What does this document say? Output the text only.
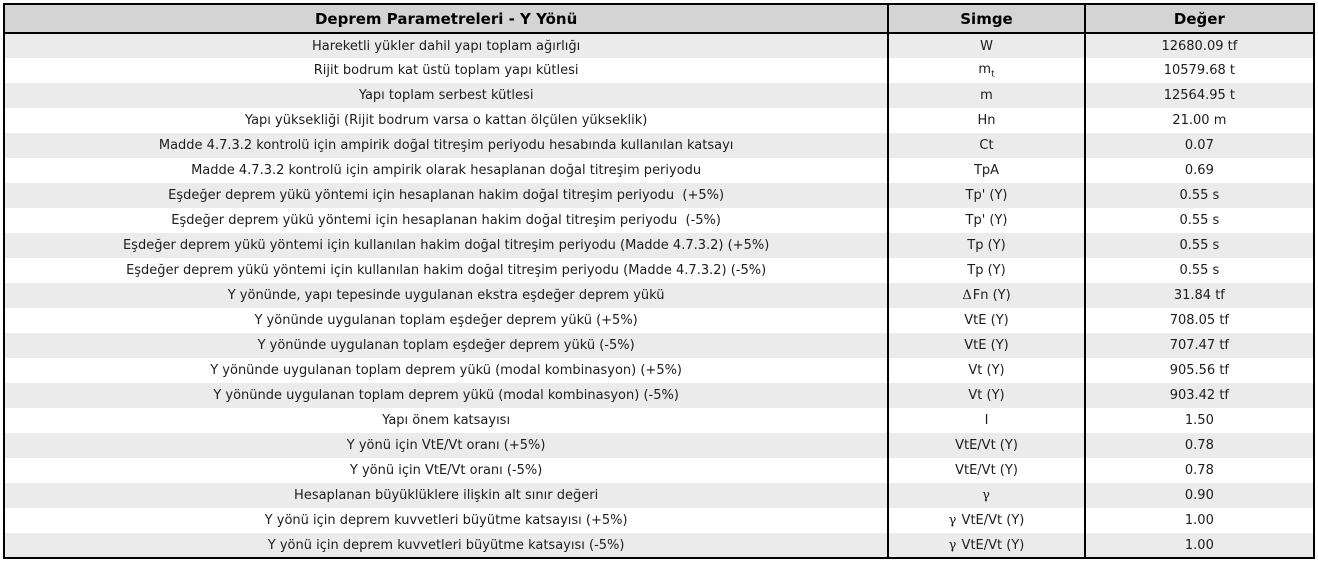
Deprem Parametreleri - Y Yönü	Simge	Değer
Hareketli yükler dahil yapı toplam ağırlığı	W	12680.09 tf
Rijit bodrum kat üstü toplam yapı kütlesi	$m_t$	10579.68 t
Yapı toplam serbest kütlesi	m	12564.95 t
Yapı yüksekliği (Rijit bodrum varsa o kattan ölçülen yükseklik)	Hn	21.00 m
Madde 4.7.3.2 kontrolü için ampirik doğal titreşim periyodu hesabında kullanılan katsayı	Ct	0.07
Madde 4.7.3.2 kontrolü için ampirik olarak hesaplanan doğal titreşim periyodu	TpA	0.69
Eşdeğer deprem yükü yöntemi için hesaplanan hakim doğal titreşim periyodu  (+5%)	Tp' (Y)	0.55 s
Eşdeğer deprem yükü yöntemi için hesaplanan hakim doğal titreşim periyodu  (-5%)	Tp' (Y)	0.55 s
Eşdeğer deprem yükü yöntemi için kullanılan hakim doğal titreşim periyodu (Madde 4.7.3.2) (+5%)	Tp (Y)	0.55 s
Eşdeğer deprem yükü yöntemi için kullanılan hakim doğal titreşim periyodu (Madde 4.7.3.2) (-5%)	Tp (Y)	0.55 s
Y yönünde, yapı tepesinde uygulanan ekstra eşdeğer deprem yükü	ΔFn (Y)	31.84 tf
Y yönünde uygulanan toplam eşdeğer deprem yükü (+5%)	VtE (Y)	708.05 tf
Y yönünde uygulanan toplam eşdeğer deprem yükü (-5%)	VtE (Y)	707.47 tf
Y yönünde uygulanan toplam deprem yükü (modal kombinasyon) (+5%)	Vt (Y)	905.56 tf
Y yönünde uygulanan toplam deprem yükü (modal kombinasyon) (-5%)	Vt (Y)	903.42 tf
Yapı önem katsayısı	I	1.50
Y yönü için VtE/Vt oranı (+5%)	VtE/Vt (Y)	0.78
Y yönü için VtE/Vt oranı (-5%)	VtE/Vt (Y)	0.78
Hesaplanan büyüklüklere ilişkin alt sınır değeri	γ	0.90
Y yönü için deprem kuvvetleri büyütme katsayısı (+5%)	γ VtE/Vt (Y)	1.00
Y yönü için deprem kuvvetleri büyütme katsayısı (-5%)	γ VtE/Vt (Y)	1.00
